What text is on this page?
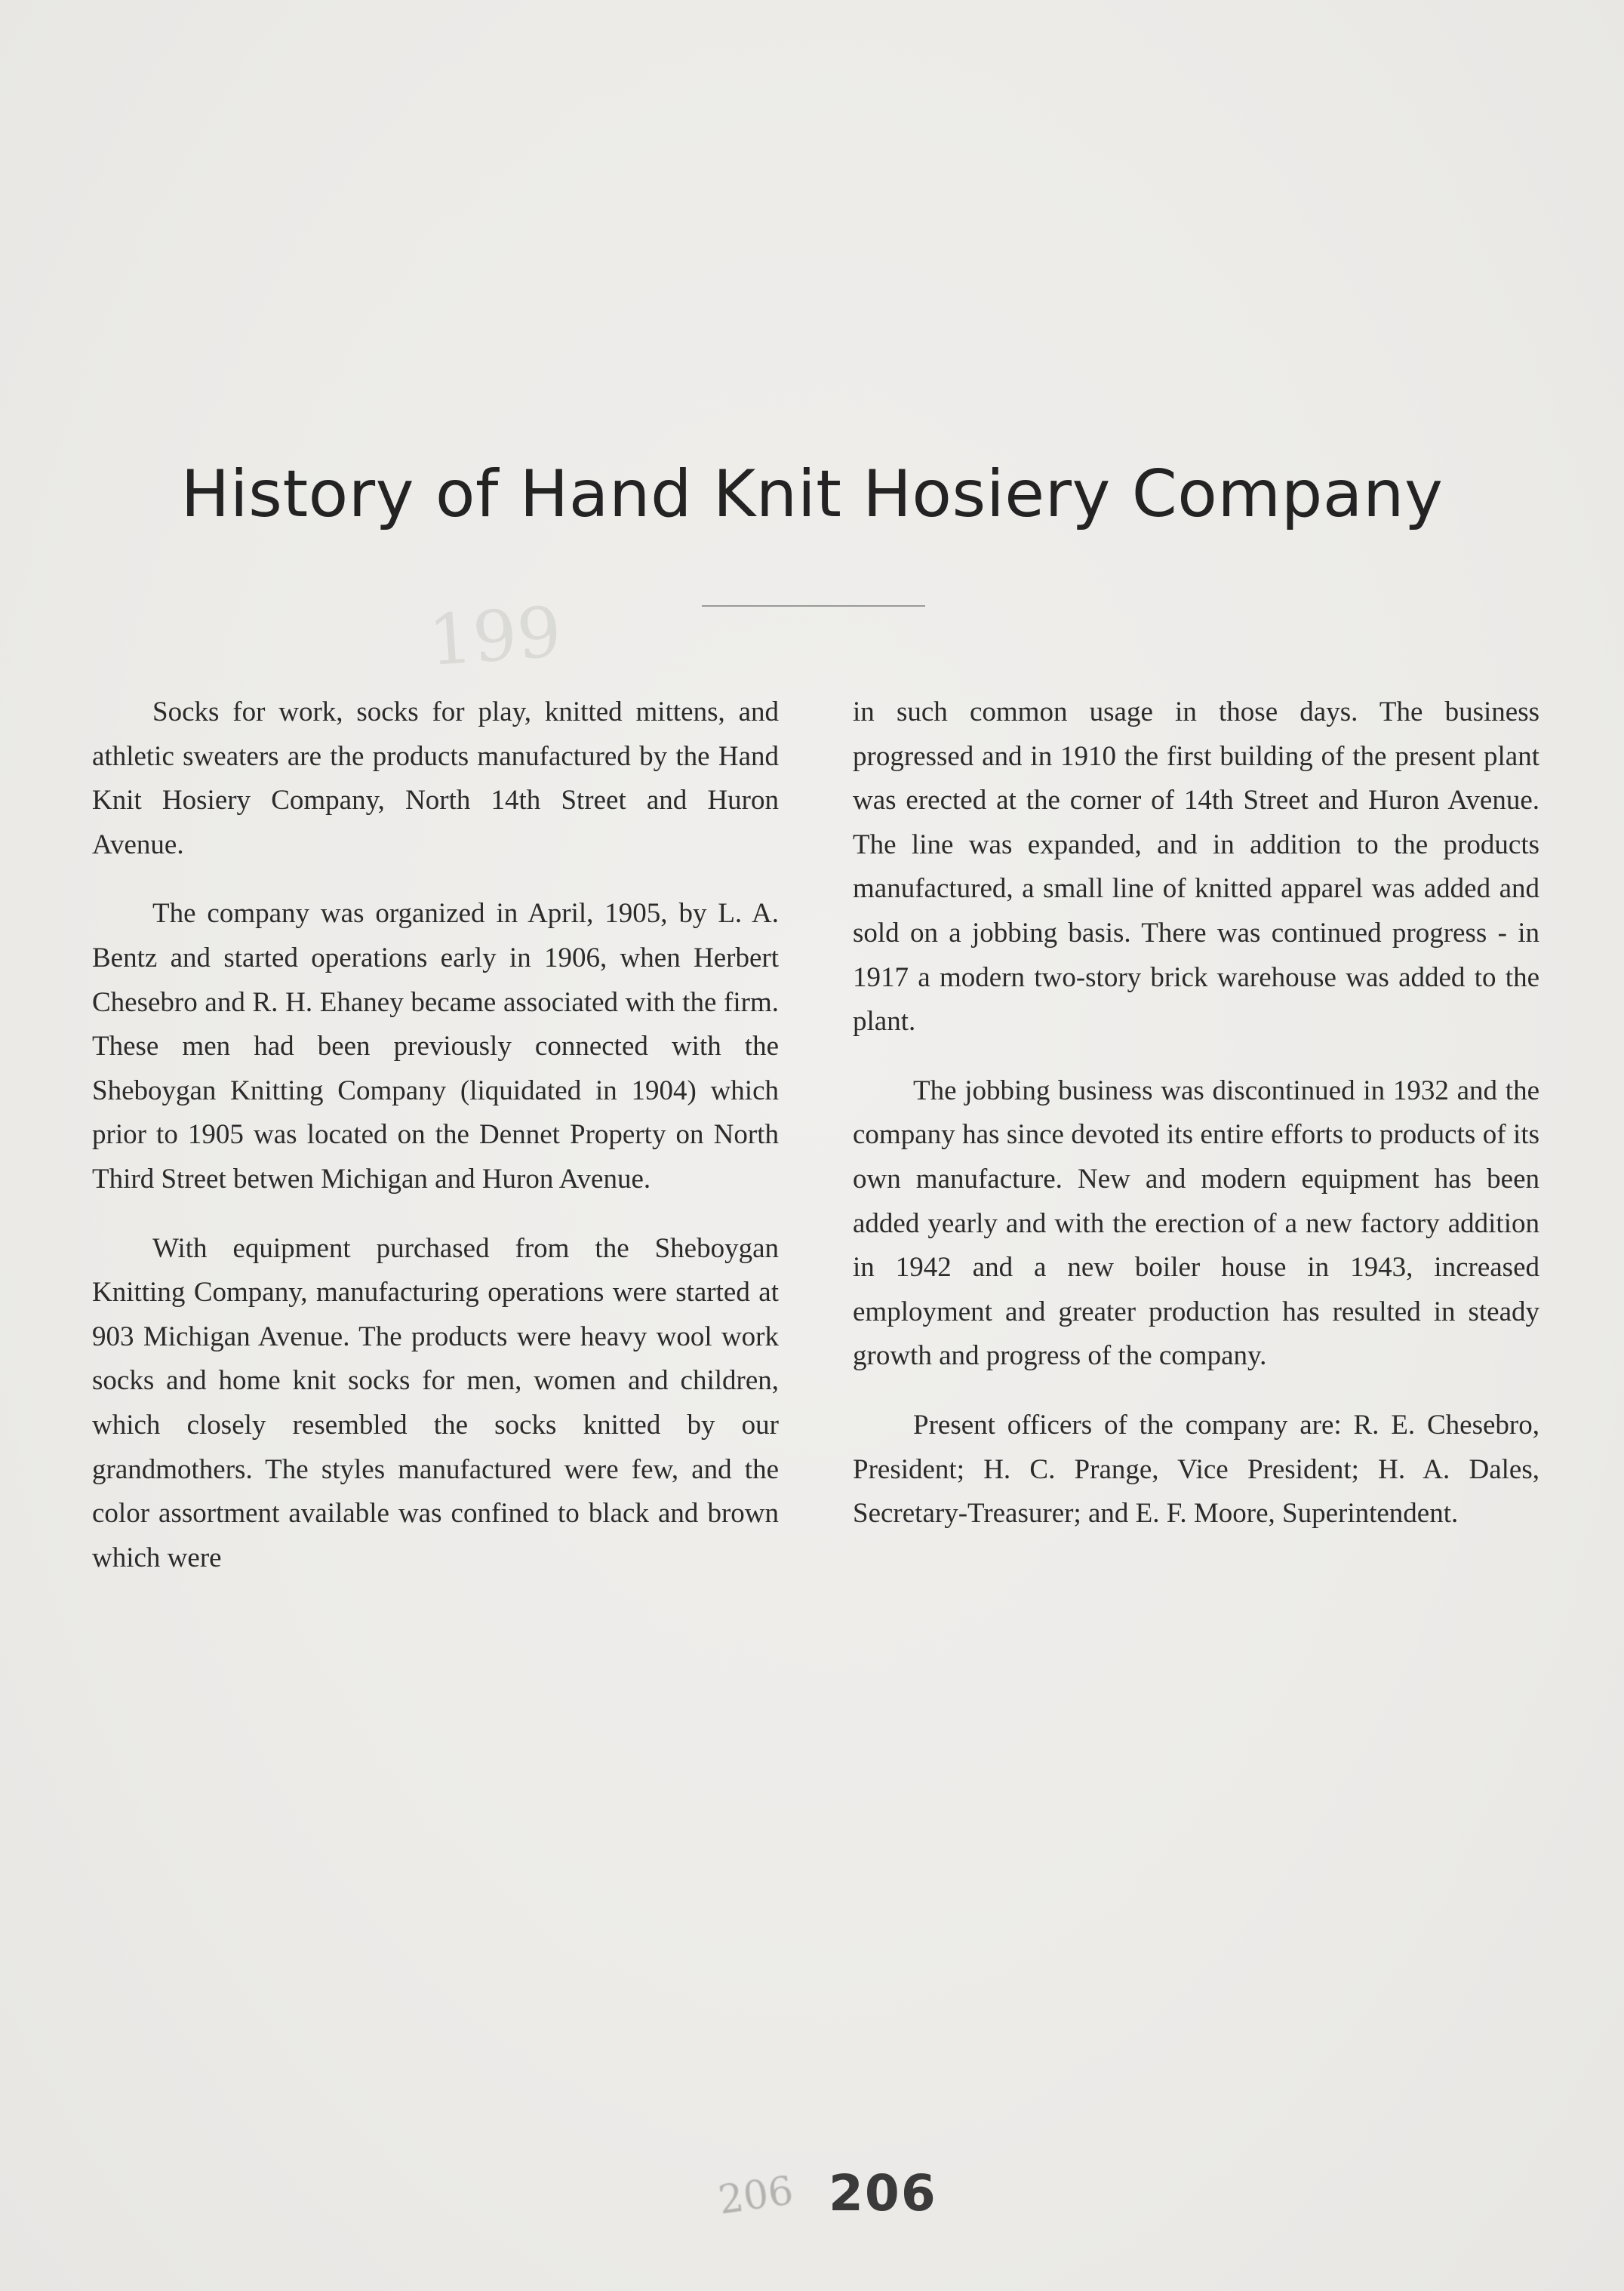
199
History of Hand Knit Hosiery Company

Socks for work, socks for play, knitted mittens, and athletic sweaters are the products manufactured by the Hand Knit Hosiery Company, North 14th Street and Huron Avenue.

The company was organized in April, 1905, by L. A. Bentz and started operations early in 1906, when Herbert Chesebro and R. H. Ehaney became associated with the firm. These men had been previously connected with the Sheboygan Knitting Company (liquidated in 1904) which prior to 1905 was located on the Dennet Property on North Third Street betwen Michigan and Huron Avenue.

With equipment purchased from the Sheboygan Knitting Company, manufacturing operations were started at 903 Michigan Avenue. The products were heavy wool work socks and home knit socks for men, women and children, which closely resembled the socks knitted by our grandmothers. The styles manufactured were few, and the color assortment available was confined to black and brown which were

in such common usage in those days. The business progressed and in 1910 the first building of the present plant was erected at the corner of 14th Street and Huron Avenue. The line was expanded, and in addition to the products manufactured, a small line of knitted apparel was added and sold on a jobbing basis. There was continued progress - in 1917 a modern two-story brick warehouse was added to the plant.

The jobbing business was discontinued in 1932 and the company has since devoted its entire efforts to products of its own manufacture. New and modern equipment has been added yearly and with the erection of a new factory addition in 1942 and a new boiler house in 1943, increased employment and greater production has resulted in steady growth and progress of the company.

Present officers of the company are: R. E. Chesebro, President; H. C. Prange, Vice President; H. A. Dales, Secretary-Treasurer; and E. F. Moore, Superintendent.

206 206
